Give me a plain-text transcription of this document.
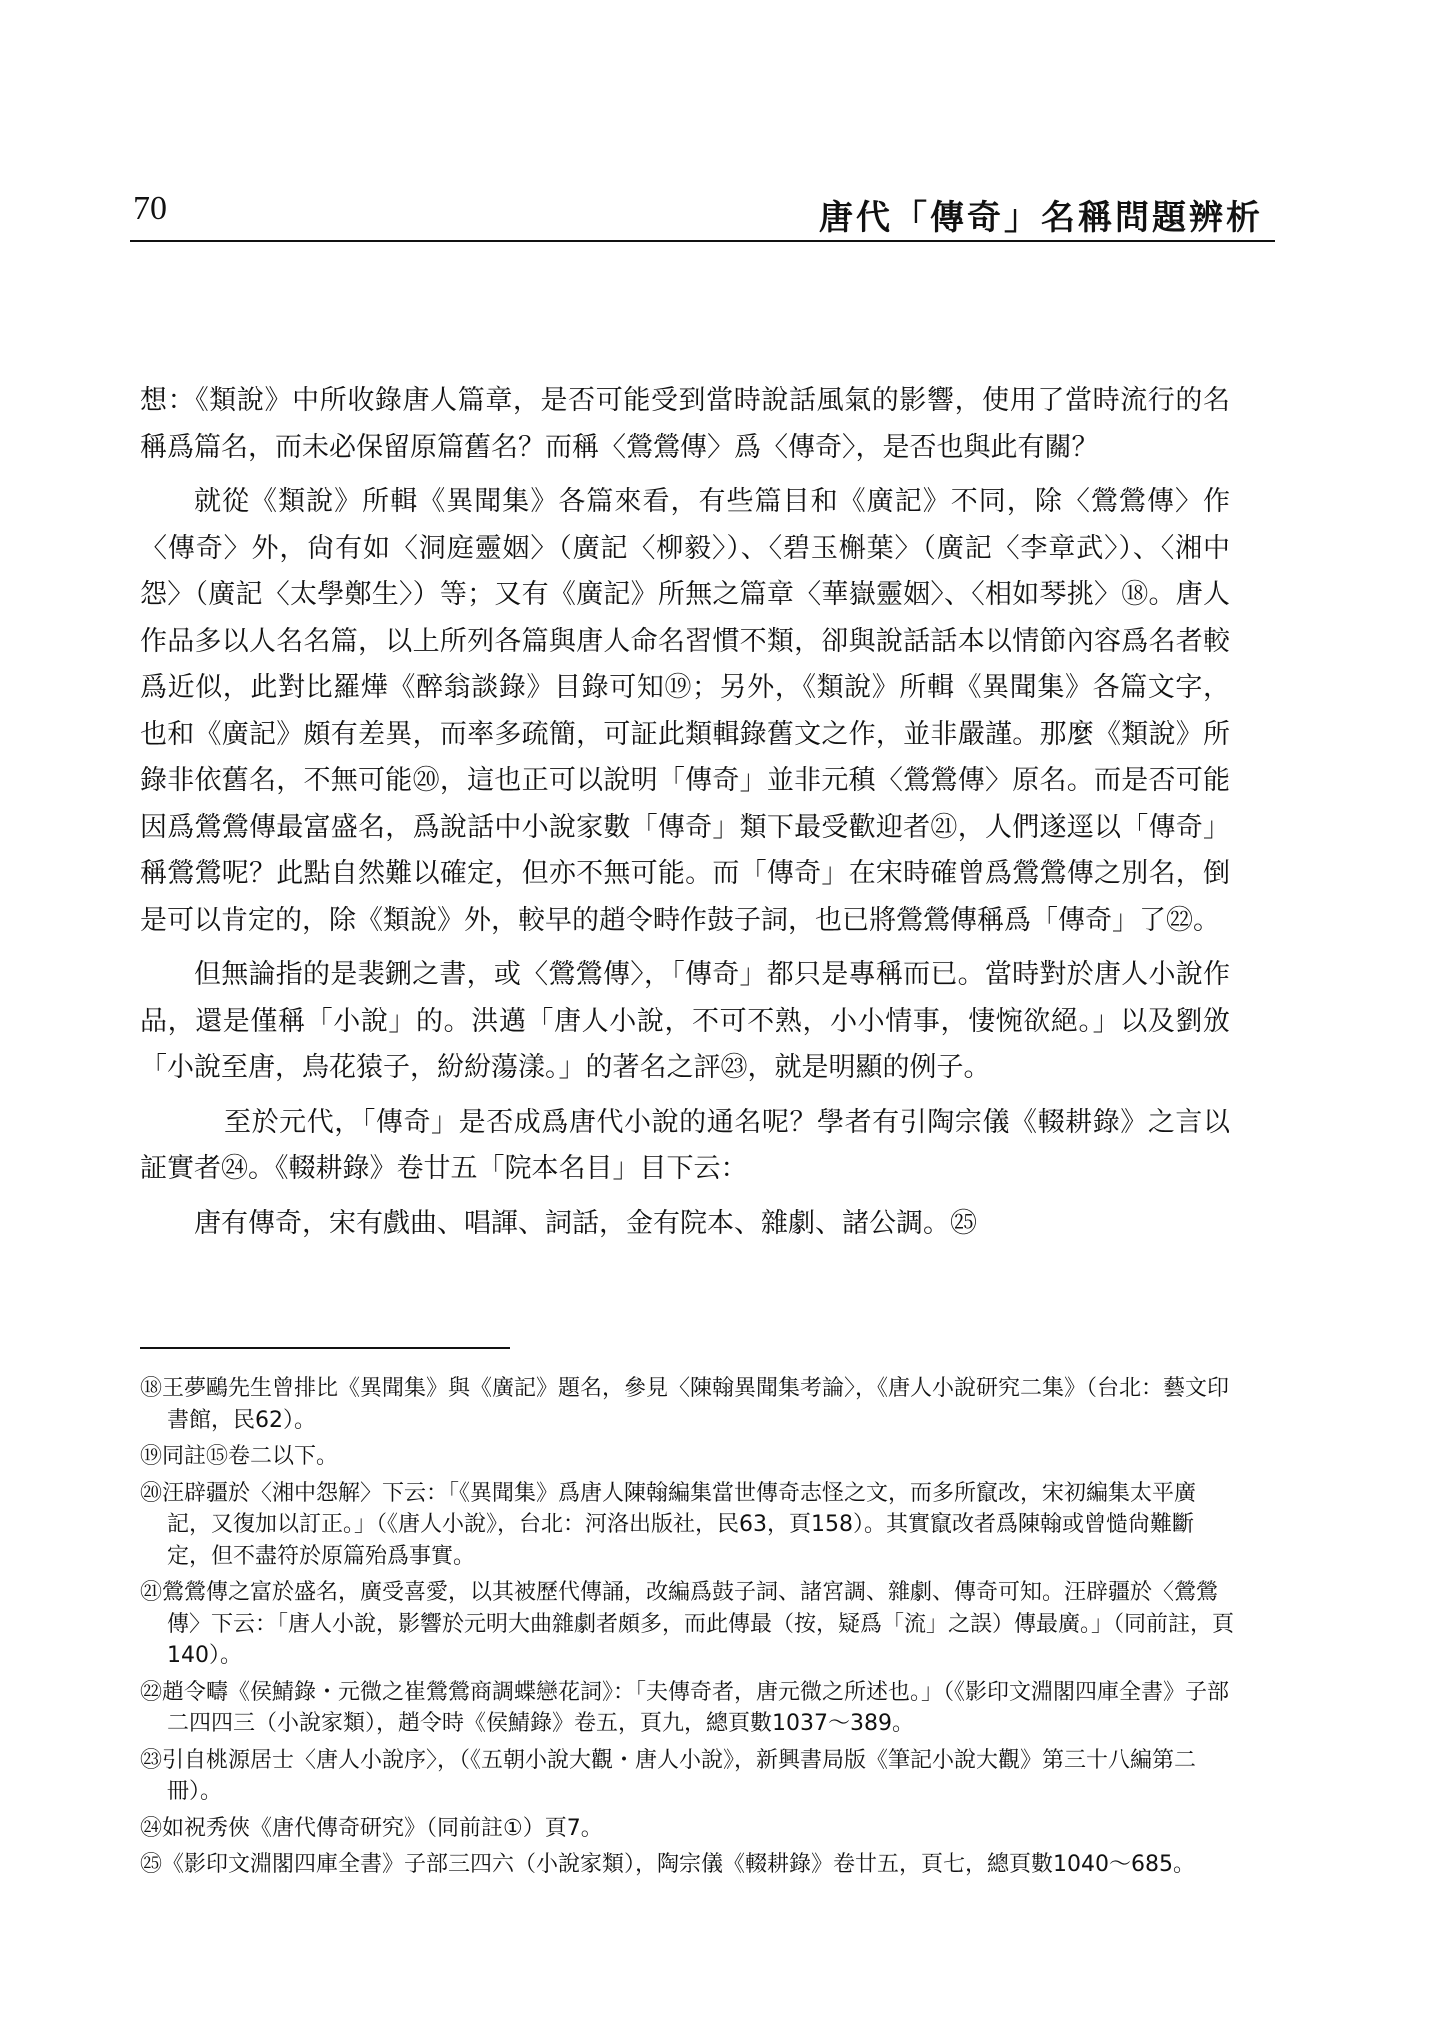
70	唐代「傳奇」名稱問題辨析

想：《類說》中所收錄唐人篇章，是否可能受到當時說話風氣的影響，使用了當時流行的名稱爲篇名，而未必保留原篇舊名？而稱〈鶯鶯傳〉爲〈傳奇〉，是否也與此有關？

就從《類說》所輯《異聞集》各篇來看，有些篇目和《廣記》不同，除〈鶯鶯傳〉作〈傳奇〉外，尙有如〈洞庭靈姻〉（廣記〈柳毅〉）、〈碧玉槲葉〉（廣記〈李章武〉）、〈湘中怨〉（廣記〈太學鄭生〉）等；又有《廣記》所無之篇章〈華嶽靈姻〉、〈相如琴挑〉⑱。唐人作品多以人名名篇，以上所列各篇與唐人命名習慣不類，卻與說話話本以情節內容爲名者較爲近似，此對比羅燁《醉翁談錄》目錄可知⑲；另外，《類說》所輯《異聞集》各篇文字，也和《廣記》頗有差異，而率多疏簡，可証此類輯錄舊文之作，並非嚴謹。那麼《類說》所錄非依舊名，不無可能⑳，這也正可以說明「傳奇」並非元稹〈鶯鶯傳〉原名。而是否可能因爲鶯鶯傳最富盛名，爲說話中小說家數「傳奇」類下最受歡迎者㉑，人們遂逕以「傳奇」稱鶯鶯呢？此點自然難以確定，但亦不無可能。而「傳奇」在宋時確曾爲鶯鶯傳之別名，倒是可以肯定的，除《類說》外，較早的趙令畤作鼓子詞，也已將鶯鶯傳稱爲「傳奇」了㉒。

但無論指的是裴鉶之書，或〈鶯鶯傳〉，「傳奇」都只是專稱而已。當時對於唐人小說作品，還是僅稱「小說」的。洪邁「唐人小說，不可不熟，小小情事，悽惋欲絕。」以及劉攽「小說至唐，鳥花猿子，紛紛蕩漾。」的著名之評㉓，就是明顯的例子。

至於元代，「傳奇」是否成爲唐代小說的通名呢？學者有引陶宗儀《輟耕錄》之言以証實者㉔。《輟耕錄》卷廿五「院本名目」目下云：

唐有傳奇，宋有戲曲、唱諢、詞話，金有院本、雜劇、諸公調。㉕

⑱王夢鷗先生曾排比《異聞集》與《廣記》題名，參見〈陳翰異聞集考論〉，《唐人小說研究二集》（台北：藝文印書館，民62）。

⑲同註⑮卷二以下。

⑳汪辟疆於〈湘中怨解〉下云：「《異聞集》爲唐人陳翰編集當世傳奇志怪之文，而多所竄改，宋初編集太平廣記，又復加以訂正。」（《唐人小說》，台北：河洛出版社，民63，頁158）。其實竄改者爲陳翰或曾慥尙難斷定，但不盡符於原篇殆爲事實。

㉑鶯鶯傳之富於盛名，廣受喜愛，以其被歷代傳誦，改編爲鼓子詞、諸宮調、雜劇、傳奇可知。汪辟疆於〈鶯鶯傳〉下云：「唐人小說，影響於元明大曲雜劇者頗多，而此傳最（按，疑爲「流」之誤）傳最廣。」（同前註，頁140）。

㉒趙令疇《侯鯖錄・元微之崔鶯鶯商調蝶戀花詞》：「夫傳奇者，唐元微之所述也。」（《影印文淵閣四庫全書》子部二四四三（小說家類），趙令時《侯鯖錄》卷五，頁九，總頁數1037～389。

㉓引自桃源居士〈唐人小說序〉，（《五朝小說大觀・唐人小說》，新興書局版《筆記小說大觀》第三十八編第二冊）。

㉔如祝秀俠《唐代傳奇研究》（同前註①）頁7。

㉕《影印文淵閣四庫全書》子部三四六（小說家類），陶宗儀《輟耕錄》卷廿五，頁七，總頁數1040～685。
